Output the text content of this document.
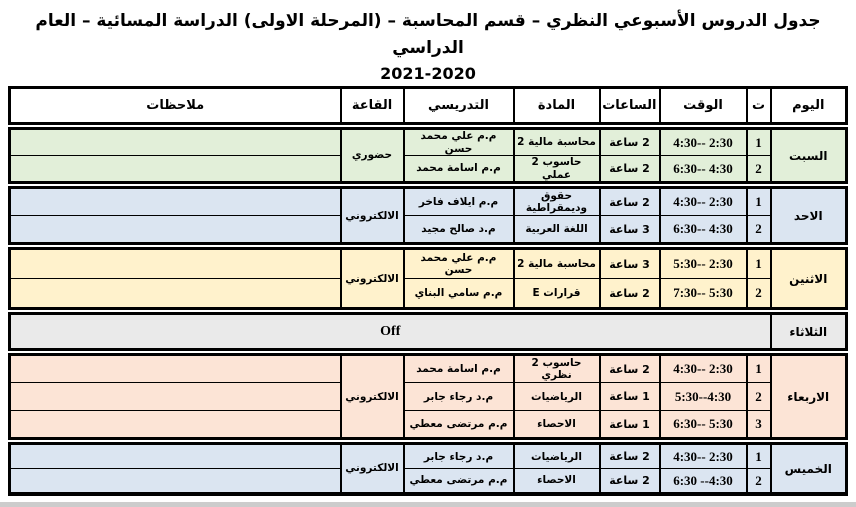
جدول الدروس الأسبوعي النظري – قسم المحاسبة – (المرحلة الاولى) الدراسة المسائية – العام الدراسي
2021-2020
اليوم	ت	الوقت	الساعات	المادة	التدريسي	القاعة	ملاحظات
السبت	1	4:30-- 2:30	2 ساعة	محاسبة مالية 2	م.م علي محمد حسن	حضوري	
	2	6:30-- 4:30	2 ساعة	حاسوب 2 عملي	م.م اسامة محمد		
الاحد	1	4:30-- 2:30	2 ساعة	حقوق وديمقراطية	م.م ايلاف فاخر	الالكتروني	
	2	6:30-- 4:30	3 ساعة	اللغة العربية	م.د صالح مجيد		
الاثنين	1	5:30-- 2:30	3 ساعة	محاسبة مالية 2	م.م علي محمد حسن	الالكتروني	
	2	7:30-- 5:30	2 ساعة	قرارات E	م.م سامي البناي		
الثلاثاء	Off
الاربعاء	1	4:30-- 2:30	2 ساعة	حاسوب 2 نظري	م.م اسامة محمد	الالكتروني	
	2	5:30--4:30	1 ساعة	الرياضيات	م.د رجاء جابر		
	3	6:30-- 5:30	1 ساعة	الاحصاء	م.م مرتضى معطي		
الخميس	1	4:30-- 2:30	2 ساعة	الرياضيات	م.د رجاء جابر	الالكتروني	
	2	6:30 --4:30	2 ساعة	الاحصاء	م.م مرتضى معطي		
